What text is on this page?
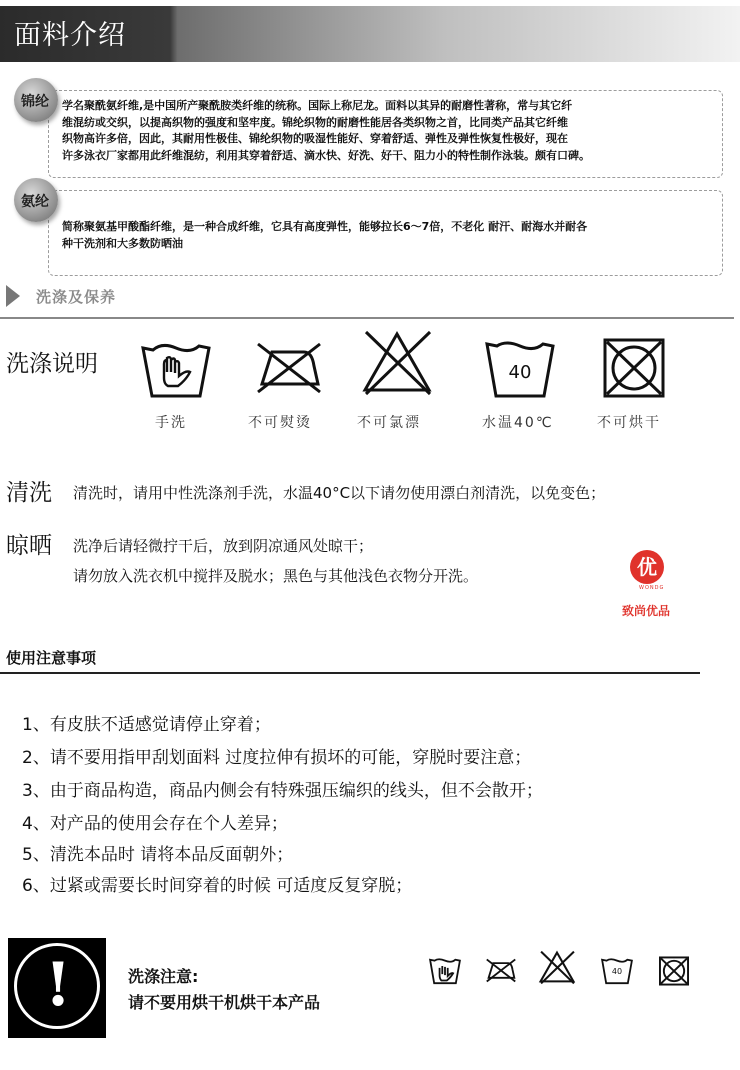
面料介绍
锦纶 学名聚酰氨纤维,是中国所产聚酰胺类纤维的统称。国际上称尼龙。面料以其异的耐磨性著称，常与其它纤
维混纺或交织，以提高织物的强度和坚牢度。锦纶织物的耐磨性能居各类织物之首，比同类产品其它纤维
织物高许多倍，因此，其耐用性极佳、锦纶织物的吸湿性能好、穿着舒适、弹性及弹性恢复性极好，现在
许多泳衣厂家都用此纤维混纺，利用其穿着舒适、滴水快、好洗、好干、阻力小的特性制作泳装。颇有口碑。
氨纶
简称聚氨基甲酸酯纤维，是一种合成纤维，它具有高度弹性，能够拉长6～7倍，不老化 耐汗、耐海水并耐各
种干洗剂和大多数防晒油
洗涤及保养
洗涤说明	40
手洗	不可熨烫	不可氯漂	水温40℃	不可烘干
清洗 清洗时，请用中性洗涤剂手洗，水温40°C以下请勿使用漂白剂清洗，以免变色；
晾晒 洗净后请轻微拧干后，放到阴凉通风处晾干；
请勿放入洗衣机中搅拌及脱水；黑色与其他浅色衣物分开洗。	优
WONDG
致尚优品
使用注意事项
1、有皮肤不适感觉请停止穿着；
2、请不要用指甲刮划面料 过度拉伸有损坏的可能，穿脱时要注意；
3、由于商品构造，商品内侧会有特殊强压编织的线头，但不会散开；
4、对产品的使用会存在个人差异；
5、清洗本品时 请将本品反面朝外；
6、过紧或需要长时间穿着的时候 可适度反复穿脱；
!	洗涤注意:
请不要用烘干机烘干本产品
40
